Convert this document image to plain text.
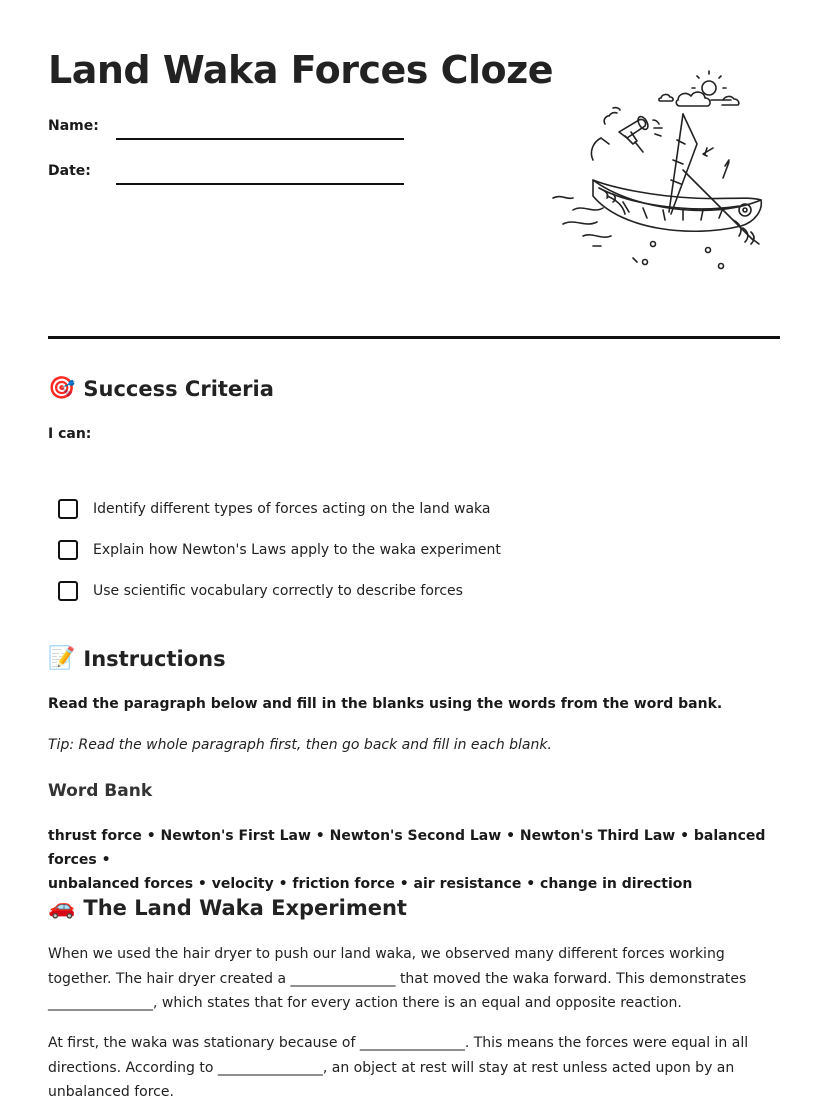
Land Waka Forces Cloze
Name:
Date:
🎯 Success Criteria
I can:
Identify different types of forces acting on the land waka
Explain how Newton's Laws apply to the waka experiment
Use scientific vocabulary correctly to describe forces
📝 Instructions
Read the paragraph below and fill in the blanks using the words from the word bank.
Tip: Read the whole paragraph first, then go back and fill in each blank.
Word Bank
thrust force • Newton's First Law • Newton's Second Law • Newton's Third Law • balanced forces •
unbalanced forces • velocity • friction force • air resistance • change in direction
🚗 The Land Waka Experiment

When we used the hair dryer to push our land waka, we observed many different forces working together. The hair dryer created a _______________ that moved the waka forward. This demonstrates _______________, which states that for every action there is an equal and opposite reaction.

At first, the waka was stationary because of _______________. This means the forces were equal in all directions. According to _______________, an object at rest will stay at rest unless acted upon by an unbalanced force.
